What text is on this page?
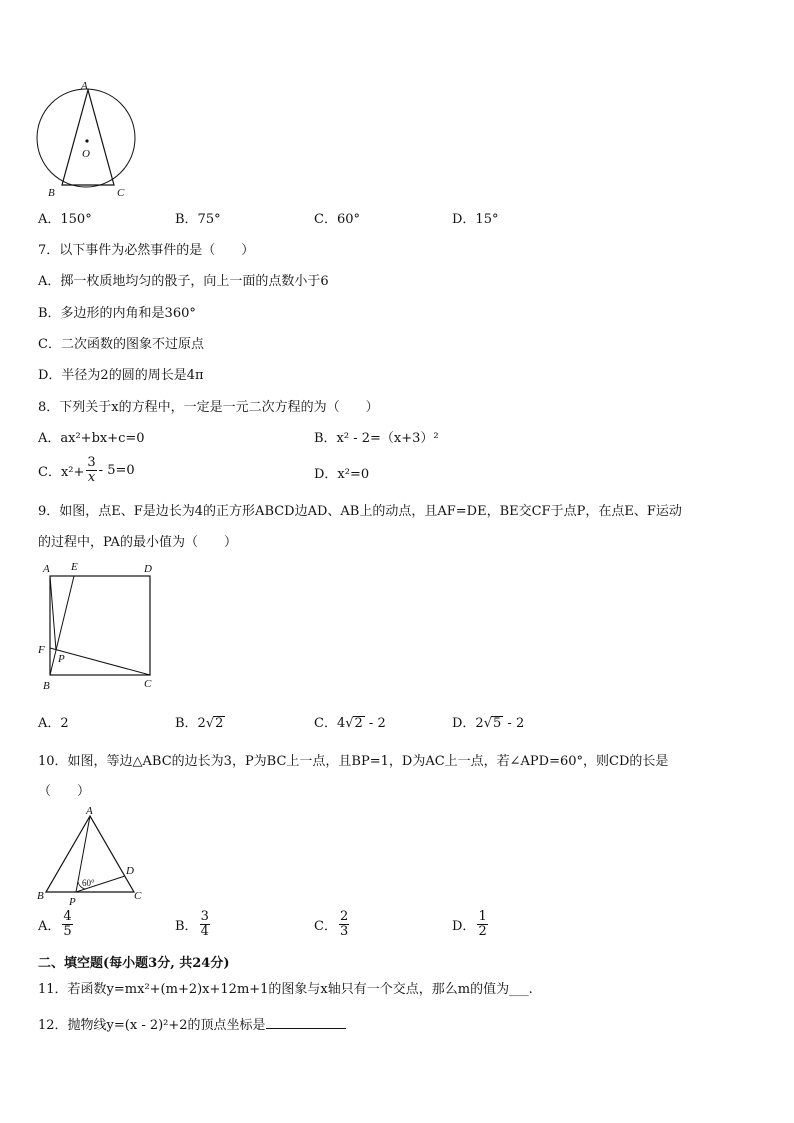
A
O
B	C
A．150°	B．75°	C．60°	D．15°
7．以下事件为必然事件的是（　　）
A．掷一枚质地均匀的骰子，向上一面的点数小于6
B．多边形的内角和是360°
C．二次函数的图象不过原点
D．半径为2的圆的周长是4π
8．下列关于x的方程中，一定是一元二次方程的为（　　）
A．ax²+bx+c=0	B．x² - 2=（x+3）²
C．$x^2+ \frac{3}{x} - 5=0$	D．x²=0
9．如图，点E、F是边长为4的正方形ABCD边AD、AB上的动点，且AF=DE，BE交CF于点P，在点E、F运动
的过程中，PA的最小值为（　　）
A E	D
F
P
B	C
A．2	B．2√2	C．4√2 - 2	D．2√5 - 2
10．如图，等边△ABC的边长为3，P为BC上一点，且BP=1，D为AC上一点，若∠APD=60°，则CD的长是
（　　）
A
B P	C
D
60°
A． $\frac{4}{5}$	B． $\frac{3}{4}$	C． $\frac{2}{3}$	D． $\frac{1}{2}$
二、填空题(每小题3分, 共24分)
11．若函数y=mx²+(m+2)x+12m+1的图象与x轴只有一个交点，那么m的值为___.
12．抛物线y=(x - 2)²+2的顶点坐标是
